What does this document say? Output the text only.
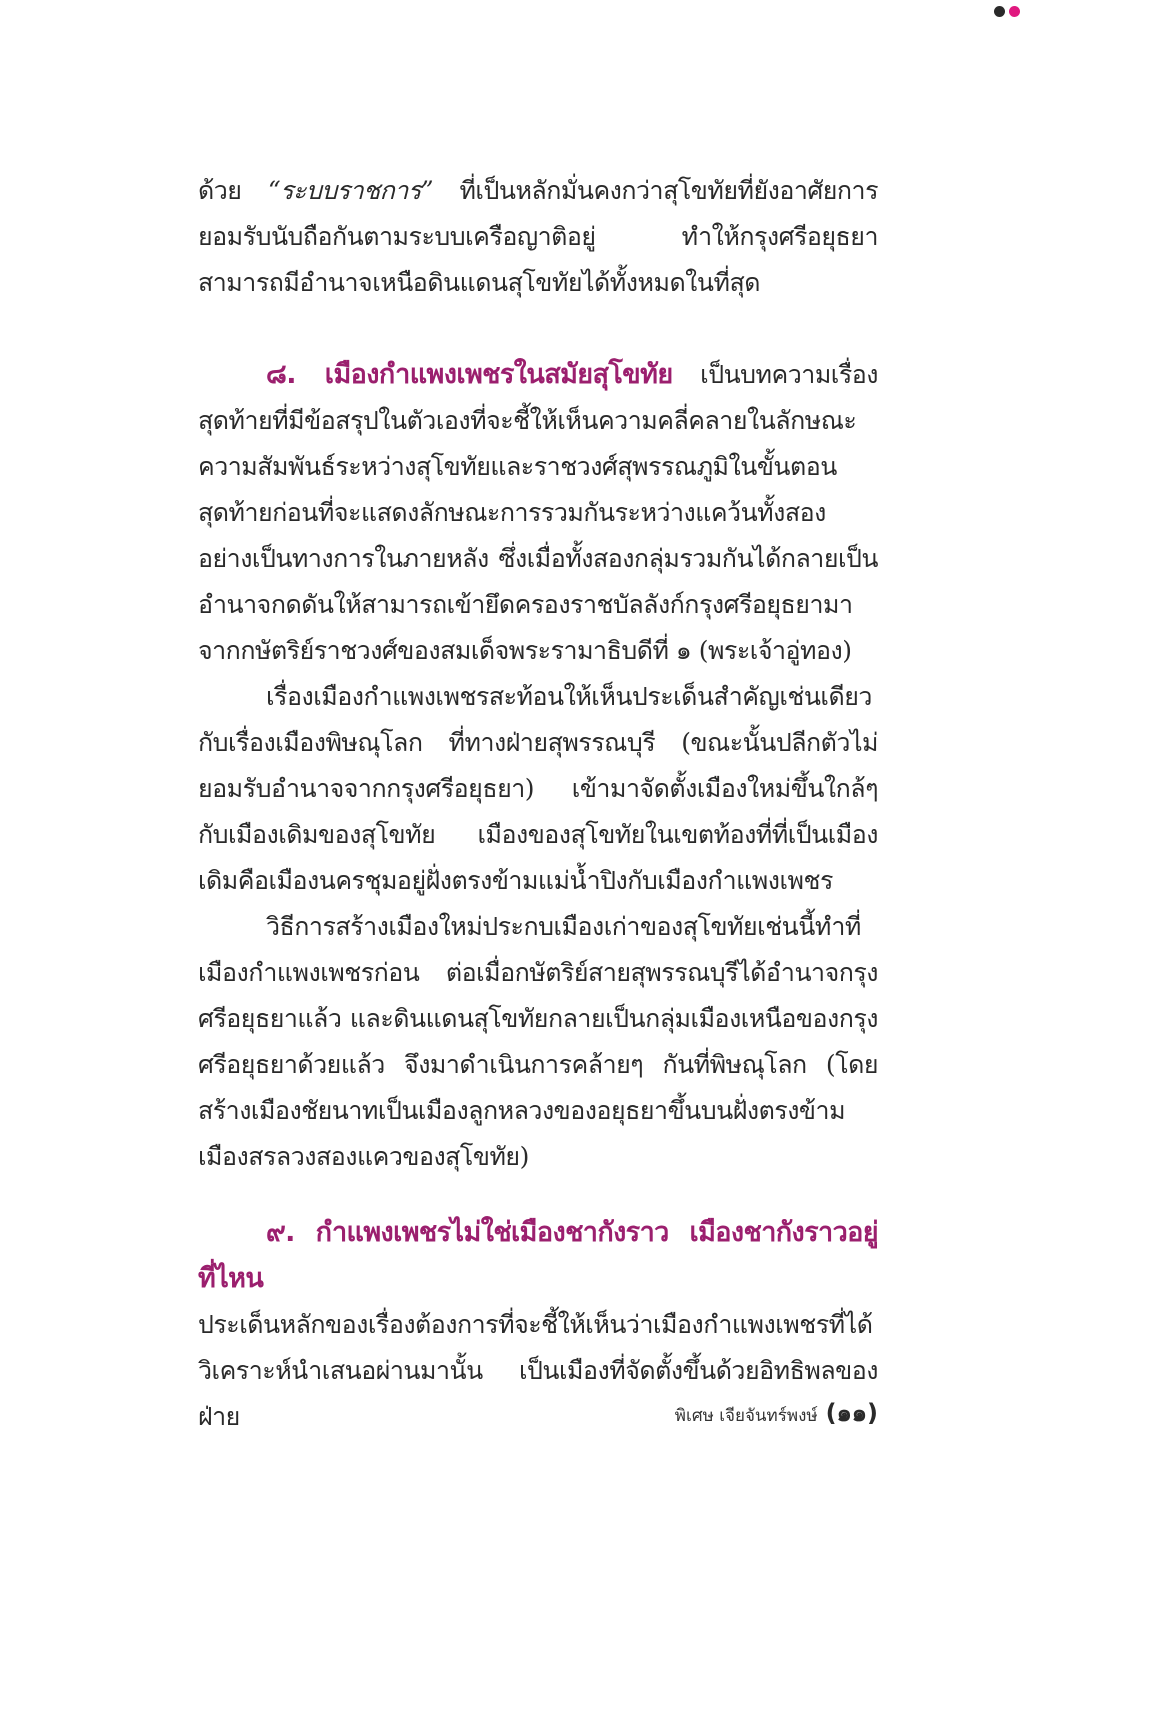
ด้วย “ระบบราชการ” ที่เป็นหลักมั่นคงกว่าสุโขทัยที่ยังอาศัยการยอมรับนับถือกันตามระบบเครือญาติอยู่ ทำให้กรุงศรีอยุธยาสามารถมีอำนาจเหนือดินแดนสุโขทัยได้ทั้งหมดในที่สุด

๘. เมืองกำแพงเพชรในสมัยสุโขทัย เป็นบทความเรื่องสุดท้ายที่มีข้อสรุปในตัวเองที่จะชี้ให้เห็นความคลี่คลายในลักษณะความสัมพันธ์ระหว่างสุโขทัยและราชวงศ์สุพรรณภูมิในขั้นตอนสุดท้ายก่อนที่จะแสดงลักษณะการรวมกันระหว่างแคว้นทั้งสองอย่างเป็นทางการในภายหลัง ซึ่งเมื่อทั้งสองกลุ่มรวมกันได้กลายเป็นอำนาจกดดันให้สามารถเข้ายึดครองราชบัลลังก์กรุงศรีอยุธยามาจากกษัตริย์ราชวงศ์ของสมเด็จพระรามาธิบดีที่ ๑ (พระเจ้าอู่ทอง)

เรื่องเมืองกำแพงเพชรสะท้อนให้เห็นประเด็นสำคัญเช่นเดียวกับเรื่องเมืองพิษณุโลก ที่ทางฝ่ายสุพรรณบุรี (ขณะนั้นปลีกตัวไม่ยอมรับอำนาจจากกรุงศรีอยุธยา) เข้ามาจัดตั้งเมืองใหม่ขึ้นใกล้ๆ กับเมืองเดิมของสุโขทัย เมืองของสุโขทัยในเขตท้องที่ที่เป็นเมืองเดิมคือเมืองนครชุมอยู่ฝั่งตรงข้ามแม่น้ำปิงกับเมืองกำแพงเพชร

วิธีการสร้างเมืองใหม่ประกบเมืองเก่าของสุโขทัยเช่นนี้ทำที่เมืองกำแพงเพชรก่อน ต่อเมื่อกษัตริย์สายสุพรรณบุรีได้อำนาจกรุงศรีอยุธยาแล้ว และดินแดนสุโขทัยกลายเป็นกลุ่มเมืองเหนือของกรุงศรีอยุธยาด้วยแล้ว จึงมาดำเนินการคล้ายๆ กันที่พิษณุโลก (โดยสร้างเมืองชัยนาทเป็นเมืองลูกหลวงของอยุธยาขึ้นบนฝั่งตรงข้ามเมืองสรลวงสองแควของสุโขทัย)

๙. กำแพงเพชรไม่ใช่เมืองชากังราว เมืองชากังราวอยู่ที่ไหน

ประเด็นหลักของเรื่องต้องการที่จะชี้ให้เห็นว่าเมืองกำแพงเพชรที่ได้วิเคราะห์นำเสนอผ่านมานั้น เป็นเมืองที่จัดตั้งขึ้นด้วยอิทธิพลของฝ่าย	พิเศษ เจียจันทร์พงษ์ (๑๑)
